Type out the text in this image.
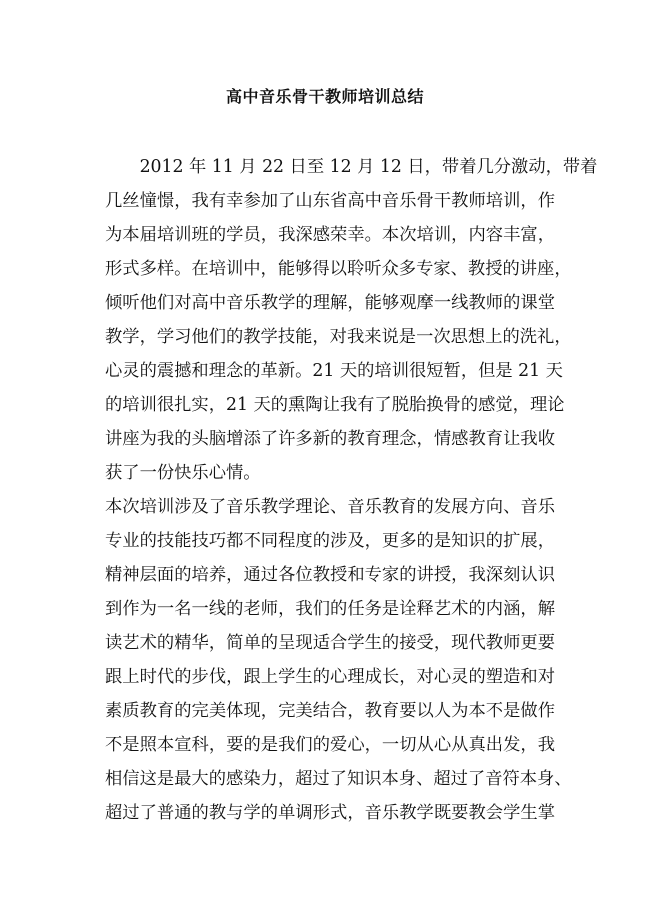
高中音乐骨干教师培训总结
　　2012 年 11 月 22 日至 12 月 12 日，带着几分激动，带着
几丝憧憬，我有幸参加了山东省高中音乐骨干教师培训，作
为本届培训班的学员，我深感荣幸。本次培训，内容丰富，
形式多样。在培训中，能够得以聆听众多专家、教授的讲座，
倾听他们对高中音乐教学的理解，能够观摩一线教师的课堂
教学，学习他们的教学技能，对我来说是一次思想上的洗礼，
心灵的震撼和理念的革新。21 天的培训很短暂，但是 21 天
的培训很扎实，21 天的熏陶让我有了脱胎换骨的感觉，理论
讲座为我的头脑增添了许多新的教育理念，情感教育让我收
获了一份快乐心情。
本次培训涉及了音乐教学理论、音乐教育的发展方向、音乐
专业的技能技巧都不同程度的涉及，更多的是知识的扩展，
精神层面的培养，通过各位教授和专家的讲授，我深刻认识
到作为一名一线的老师，我们的任务是诠释艺术的内涵，解
读艺术的精华，简单的呈现适合学生的接受，现代教师更要
跟上时代的步伐，跟上学生的心理成长，对心灵的塑造和对
素质教育的完美体现，完美结合，教育要以人为本不是做作
不是照本宣科，要的是我们的爱心，一切从心从真出发，我
相信这是最大的感染力，超过了知识本身、超过了音符本身、
超过了普通的教与学的单调形式，音乐教学既要教会学生掌
